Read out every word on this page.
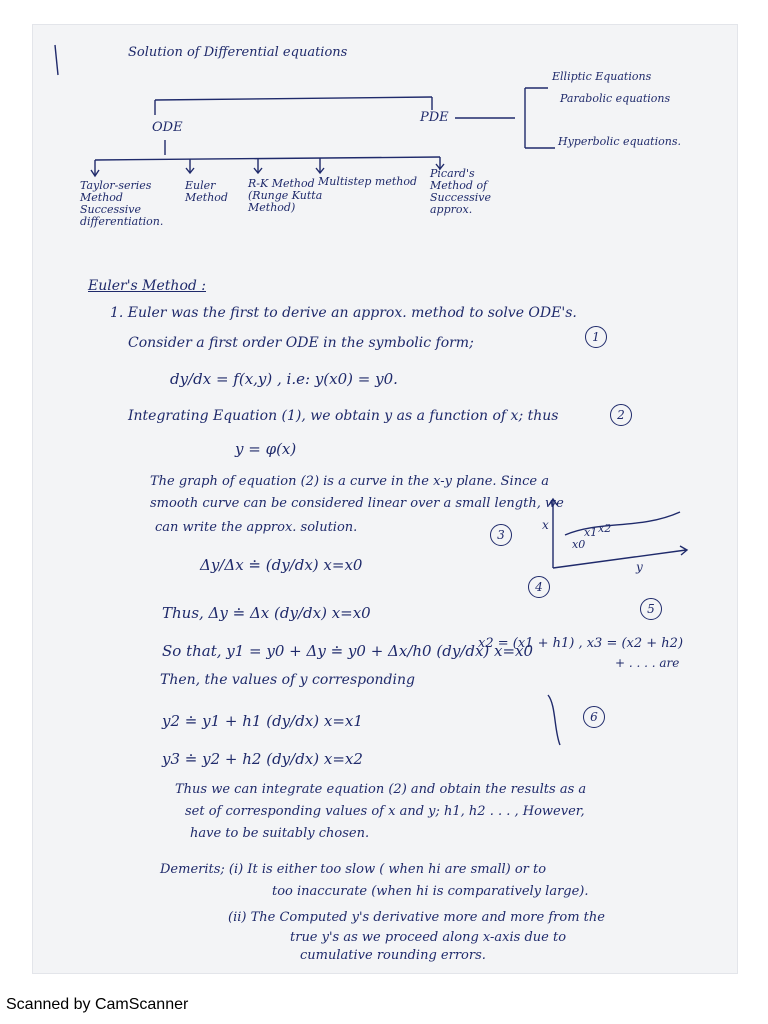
Solution of Differential equations
ODE
PDE
Elliptic Equations
Parabolic equations
Hyperbolic equations.
Taylor-series Method Successive differentiation.
Euler Method
R-K Method (Runge Kutta Method)
Multistep method
Picard's Method of Successive approx.
Euler's Method :
1. Euler was the first to derive an approx. method to solve ODE's.
Consider a first order ODE in the symbolic form;
dy/dx = f(x,y) , i.e: y(x0) = y0.
1
Integrating Equation (1), we obtain y as a function of x; thus	2
y = φ(x)
The graph of equation (2) is a curve in the x-y plane. Since a
smooth curve can be considered linear over a small length, we
can write the approx. solution.	3
Δy/Δx ≐ (dy/dx) x=x0
Thus, Δy ≐ Δx (dy/dx) x=x0
4
So that, y1 = y0 + Δy ≐ y0 + Δx/h0 (dy/dx) x=x0
5
x2 = (x1 + h1) , x3 = (x2 + h2)
+ . . . . are
Then, the values of y corresponding
y2 ≐ y1 + h1 (dy/dx) x=x1
y3 ≐ y2 + h2 (dy/dx) x=x2
6
Thus we can integrate equation (2) and obtain the results as a
set of corresponding values of x and y; h1, h2 . . . , However,
have to be suitably chosen.
Demerits; (i) It is either too slow ( when hi are small) or to
too inaccurate (when hi is comparatively large).
(ii) The Computed y's derivative more and more from the
true y's as we proceed along x-axis due to
cumulative rounding errors.
x
y
x0
x1 x2
Scanned by CamScanner
